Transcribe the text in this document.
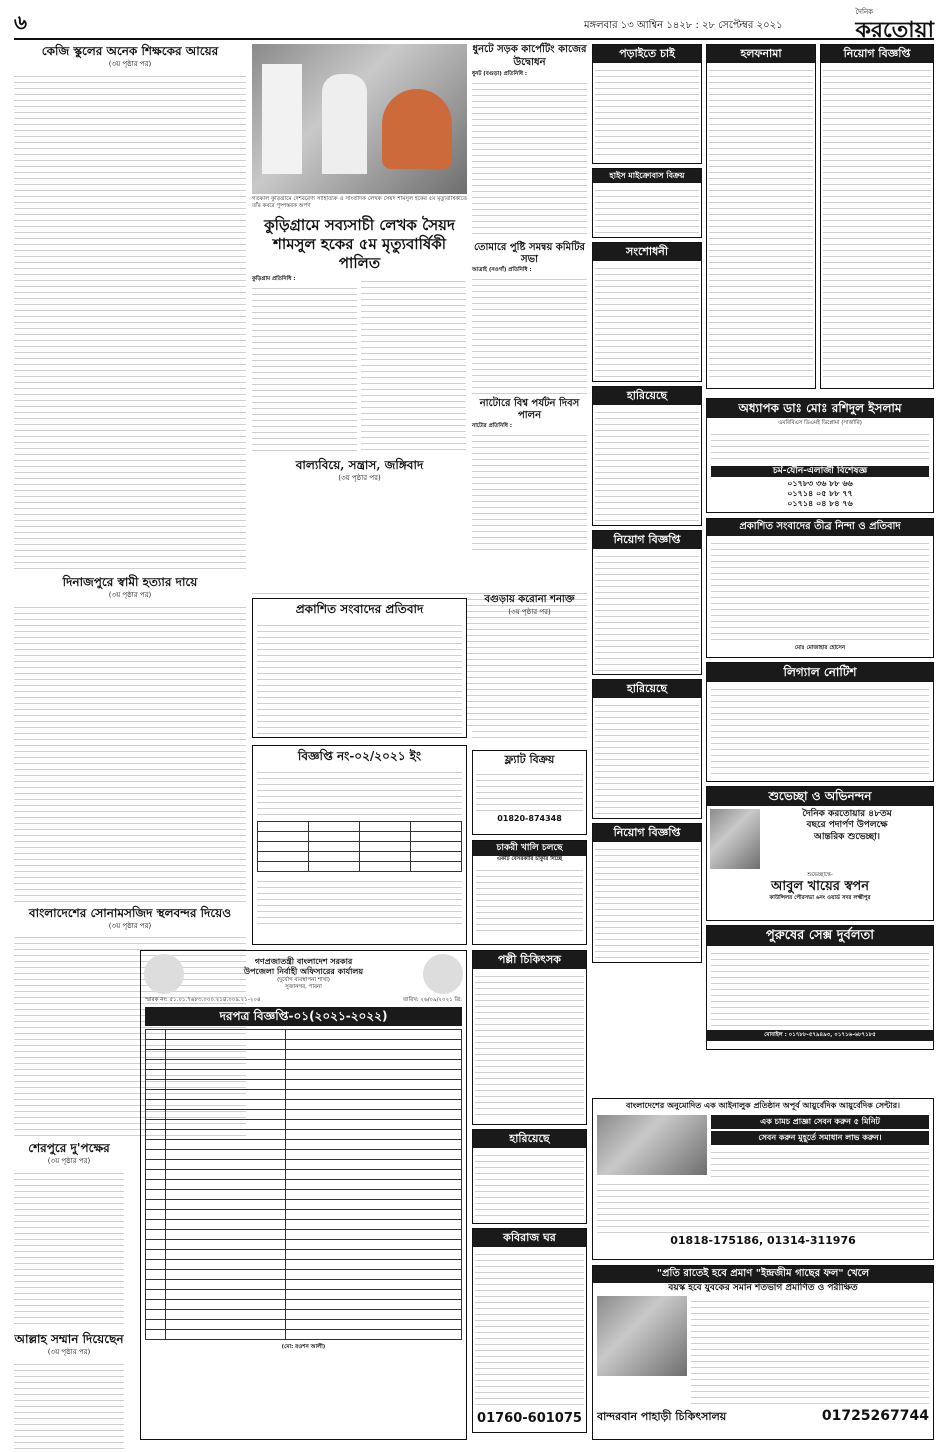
৬	মঙ্গলবার ১৩ আশ্বিন ১৪২৮ : ২৮ সেপ্টেম্বর ২০২১
দৈনিক
করতোয়া
কেজি স্কুলের অনেক শিক্ষকের আয়ের
(৩য় পৃষ্ঠার পর)
দিনাজপুরে স্বামী হত্যার দায়ে
(৩য় পৃষ্ঠার পর)
বাংলাদেশের সোনামসজিদ স্থলবন্দর দিয়েও
(৩য় পৃষ্ঠার পর)
শেরপুরে দু'পক্ষের
(৩য় পৃষ্ঠার পর)
আল্লাহ সম্মান দিয়েছেন
(৩য় পৃষ্ঠার পর)
গতকাল কুড়িগ্রামে দেশবরেণ্য সাহিত্যিক ও সাংবাদিক লেখক সৈয়দ শামসুল হকের ৫ম মৃত্যুবার্ষিকীতে তাঁর কবরে পুষ্পস্তবক অর্পণ
কুড়িগ্রামে সব্যসাচী লেখক সৈয়দ শামসুল হকের ৫ম মৃত্যুবার্ষিকী পালিত
কুড়িগ্রাম প্রতিনিধি :
বাল্যবিয়ে, সন্ত্রাস, জঙ্গিবাদ
(৩য় পৃষ্ঠার পর)
ধুনটে সড়ক কার্পেটিং কাজের উদ্বোধন
ধুনট (বগুড়া) প্রতিনিধি :
তোমারে পুষ্টি সমন্বয় কমিটির সভা
আত্রাই (নওগাঁ) প্রতিনিধি :
নাটোরে বিশ্ব পর্যটন দিবস পালন
নাটোর প্রতিনিধি :
বগুড়ায় করোনা শনাক্ত
(৩য় পৃষ্ঠার পর)
প্রকাশিত সংবাদের প্রতিবাদ
বিজ্ঞপ্তি নং-০২/২০২১ ইং

পড়াইতে চাই
হাইস মাইক্রোবাস বিক্রয়
সংশোধনী
হারিয়েছে
নিয়োগ বিজ্ঞপ্তি
হারিয়েছে
নিয়োগ বিজ্ঞপ্তি
ফ্ল্যাট বিক্রয়
01820-874348
চাকরী খালি চলছে
একটি বেসরকারি চাকুরি দিচ্ছে
হলফনামা	নিয়োগ বিজ্ঞপ্তি
অধ্যাপক ডাঃ মোঃ রশিদুল ইসলাম
এমবিবিএস ডিএমই ডিপ্লোমা (সার্জারি)
চর্ম-যৌন-এলার্জী বিশেষজ্ঞ
০১৭৮৩ ৩৬ ৮৮ ৬৬
০১৭১৪ ০৫ ৮৮ ৭৭
০১৭১৪ ০৪ ৮৪ ৭৬
প্রকাশিত সংবাদের তীব্র নিন্দা ও প্রতিবাদ
মোঃ মোজাহার হোসেন
লিগ্যাল নোটিশ
শুভেচ্ছা ও অভিনন্দন
দৈনিক করতোয়ার ৪৮তম
বছরে পদার্পণ উপলক্ষে
আন্তরিক শুভেচ্ছা।
শুভেচ্ছান্তে-
আবুল খায়ের স্বপন
কাউন্সিলর পৌরসভা ৬নং ওয়ার্ড সদর লক্ষ্মীপুর
পুরুষের সেক্স দুর্বলতা
মোবাইল : ০১৭৮৮-৫৭৯৪৯৩, ০১৭১৬-৬৮৭১৮৫
বাংলাদেশের অনুমোদিত এক আইনালুক প্রতিষ্ঠান অপূর্ব আয়ুর্বেদিক আয়ুর্বেদিক সেন্টার।
এক চামচ প্রাজ্ঞা সেবন করুন ৫ মিনিট
সেবন করুন মুহূর্তে সমাধান লাভ করুন।
01818-175186, 01314-311976
"প্রতি রাতেই হবে প্রমাণ "ইন্দ্রজীম গাছের ফল" খেলে
বয়স্ক হবে যুবকের সমান শতভাগ প্রমাণিত ও পরীক্ষিত
বান্দরবান পাহাড়ী চিকিৎসালয়	01725267744
গণপ্রজাতন্ত্রী বাংলাদেশ সরকার
উপজেলা নির্বাহী অফিসারের কার্যালয়
(দুর্যোগ ব্যবস্থাপনা শাখা)
সুজানগর, পাবনা
স্মারক নং: ৫১.০১.৭৬৮৩.০০০.২১৪.০০৯.২১-২০৪	তারিখ: ২৬/০৯/২০২১ খ্রি:
দরপত্র বিজ্ঞপ্তি-০১(২০২১-২০২২)

(মো: রওশন আলী)
পল্লী চিকিৎসক
হারিয়েছে
কবিরাজ ঘর
01760-601075
